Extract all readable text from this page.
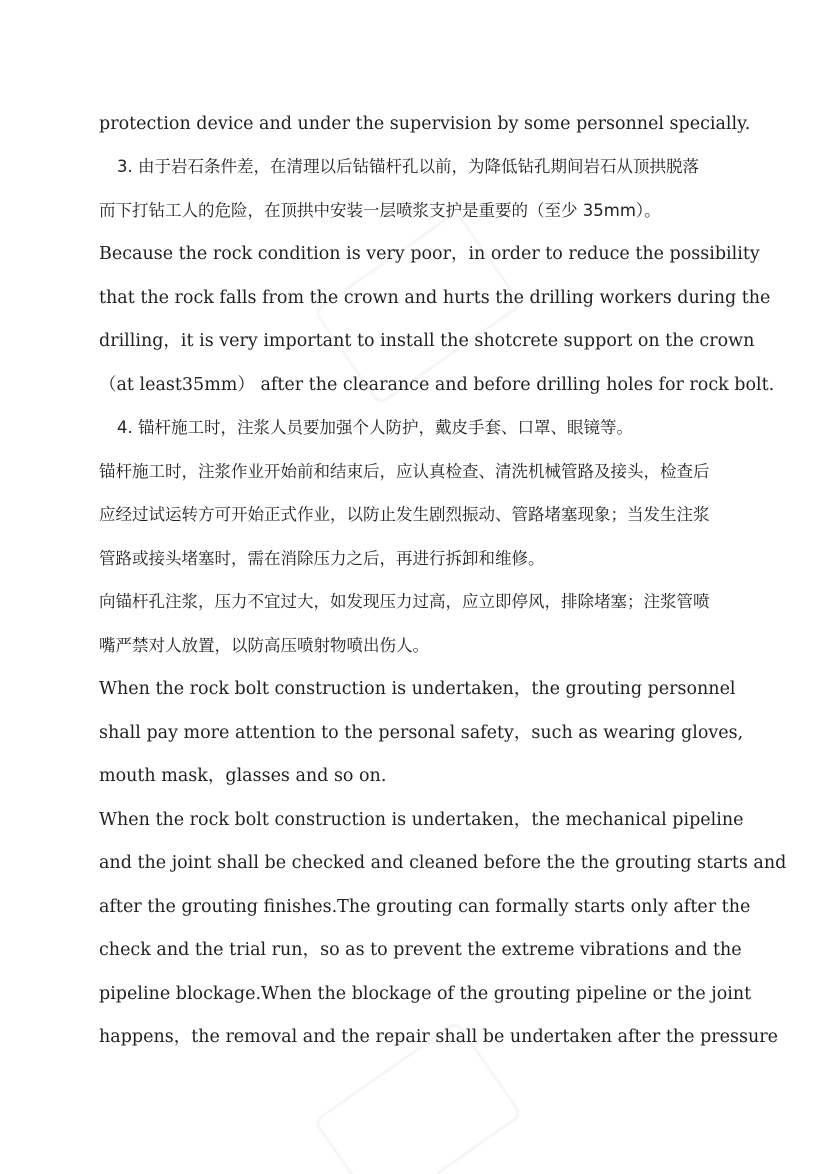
protection device and under the supervision by some personnel specially.
3. 由于岩石条件差，在清理以后钻锚杆孔以前，为降低钻孔期间岩石从顶拱脱落
而下打钻工人的危险，在顶拱中安装一层喷浆支护是重要的（至少 35mm）。
Because the rock condition is very poor，in order to reduce the possibility
that the rock falls from the crown and hurts the drilling workers during the
drilling，it is very important to install the shotcrete support on the crown
（at least35mm） after the clearance and before drilling holes for rock bolt.
4. 锚杆施工时，注浆人员要加强个人防护，戴皮手套、口罩、眼镜等。
锚杆施工时，注浆作业开始前和结束后，应认真检查、清洗机械管路及接头，检查后
应经过试运转方可开始正式作业，以防止发生剧烈振动、管路堵塞现象；当发生注浆
管路或接头堵塞时，需在消除压力之后，再进行拆卸和维修。
向锚杆孔注浆，压力不宜过大，如发现压力过高，应立即停风，排除堵塞；注浆管喷
嘴严禁对人放置，以防高压喷射物喷出伤人。
When the rock bolt construction is undertaken，the grouting personnel
shall pay more attention to the personal safety，such as wearing gloves,
mouth mask，glasses and so on.
When the rock bolt construction is undertaken，the mechanical pipeline
and the joint shall be checked and cleaned before the the grouting starts and
after the grouting finishes.The grouting can formally starts only after the
check and the trial run，so as to prevent the extreme vibrations and the
pipeline blockage.When the blockage of the grouting pipeline or the joint
happens，the removal and the repair shall be undertaken after the pressure
